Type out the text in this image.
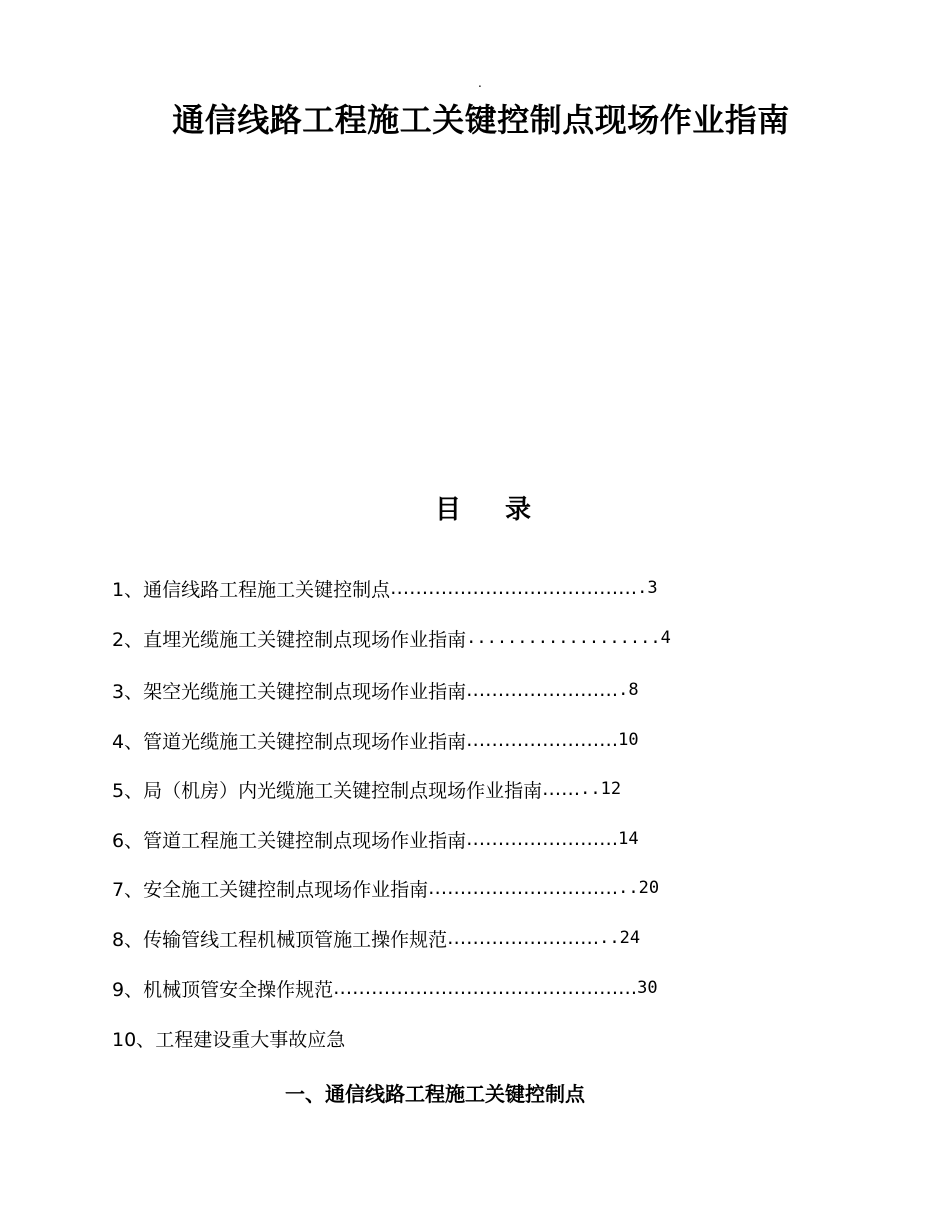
.
通信线路工程施工关键控制点现场作业指南
目 录
1、 通信线路工程施工关键控制点 ………………………………… .3
2、 直埋光缆施工关键控制点现场作业指南 .................. .4
3、 架空光缆施工关键控制点现场作业指南 …………………… .8
4、 管道光缆施工关键控制点现场作业指南 …………………… 10
5、 局（机房）内光缆施工关键控制点现场作业指南 …… ..12
6、 管道工程施工关键控制点现场作业指南 …………………… 14
7、 安全施工关键控制点现场作业指南 ………………………… ..20
8、 传输管线工程机械顶管施工操作规范 …………………… ..24
9、 机械顶管安全操作规范 ………………………………………… 30
10、 工程建设重大事故应急
一、通信线路工程施工关键控制点
